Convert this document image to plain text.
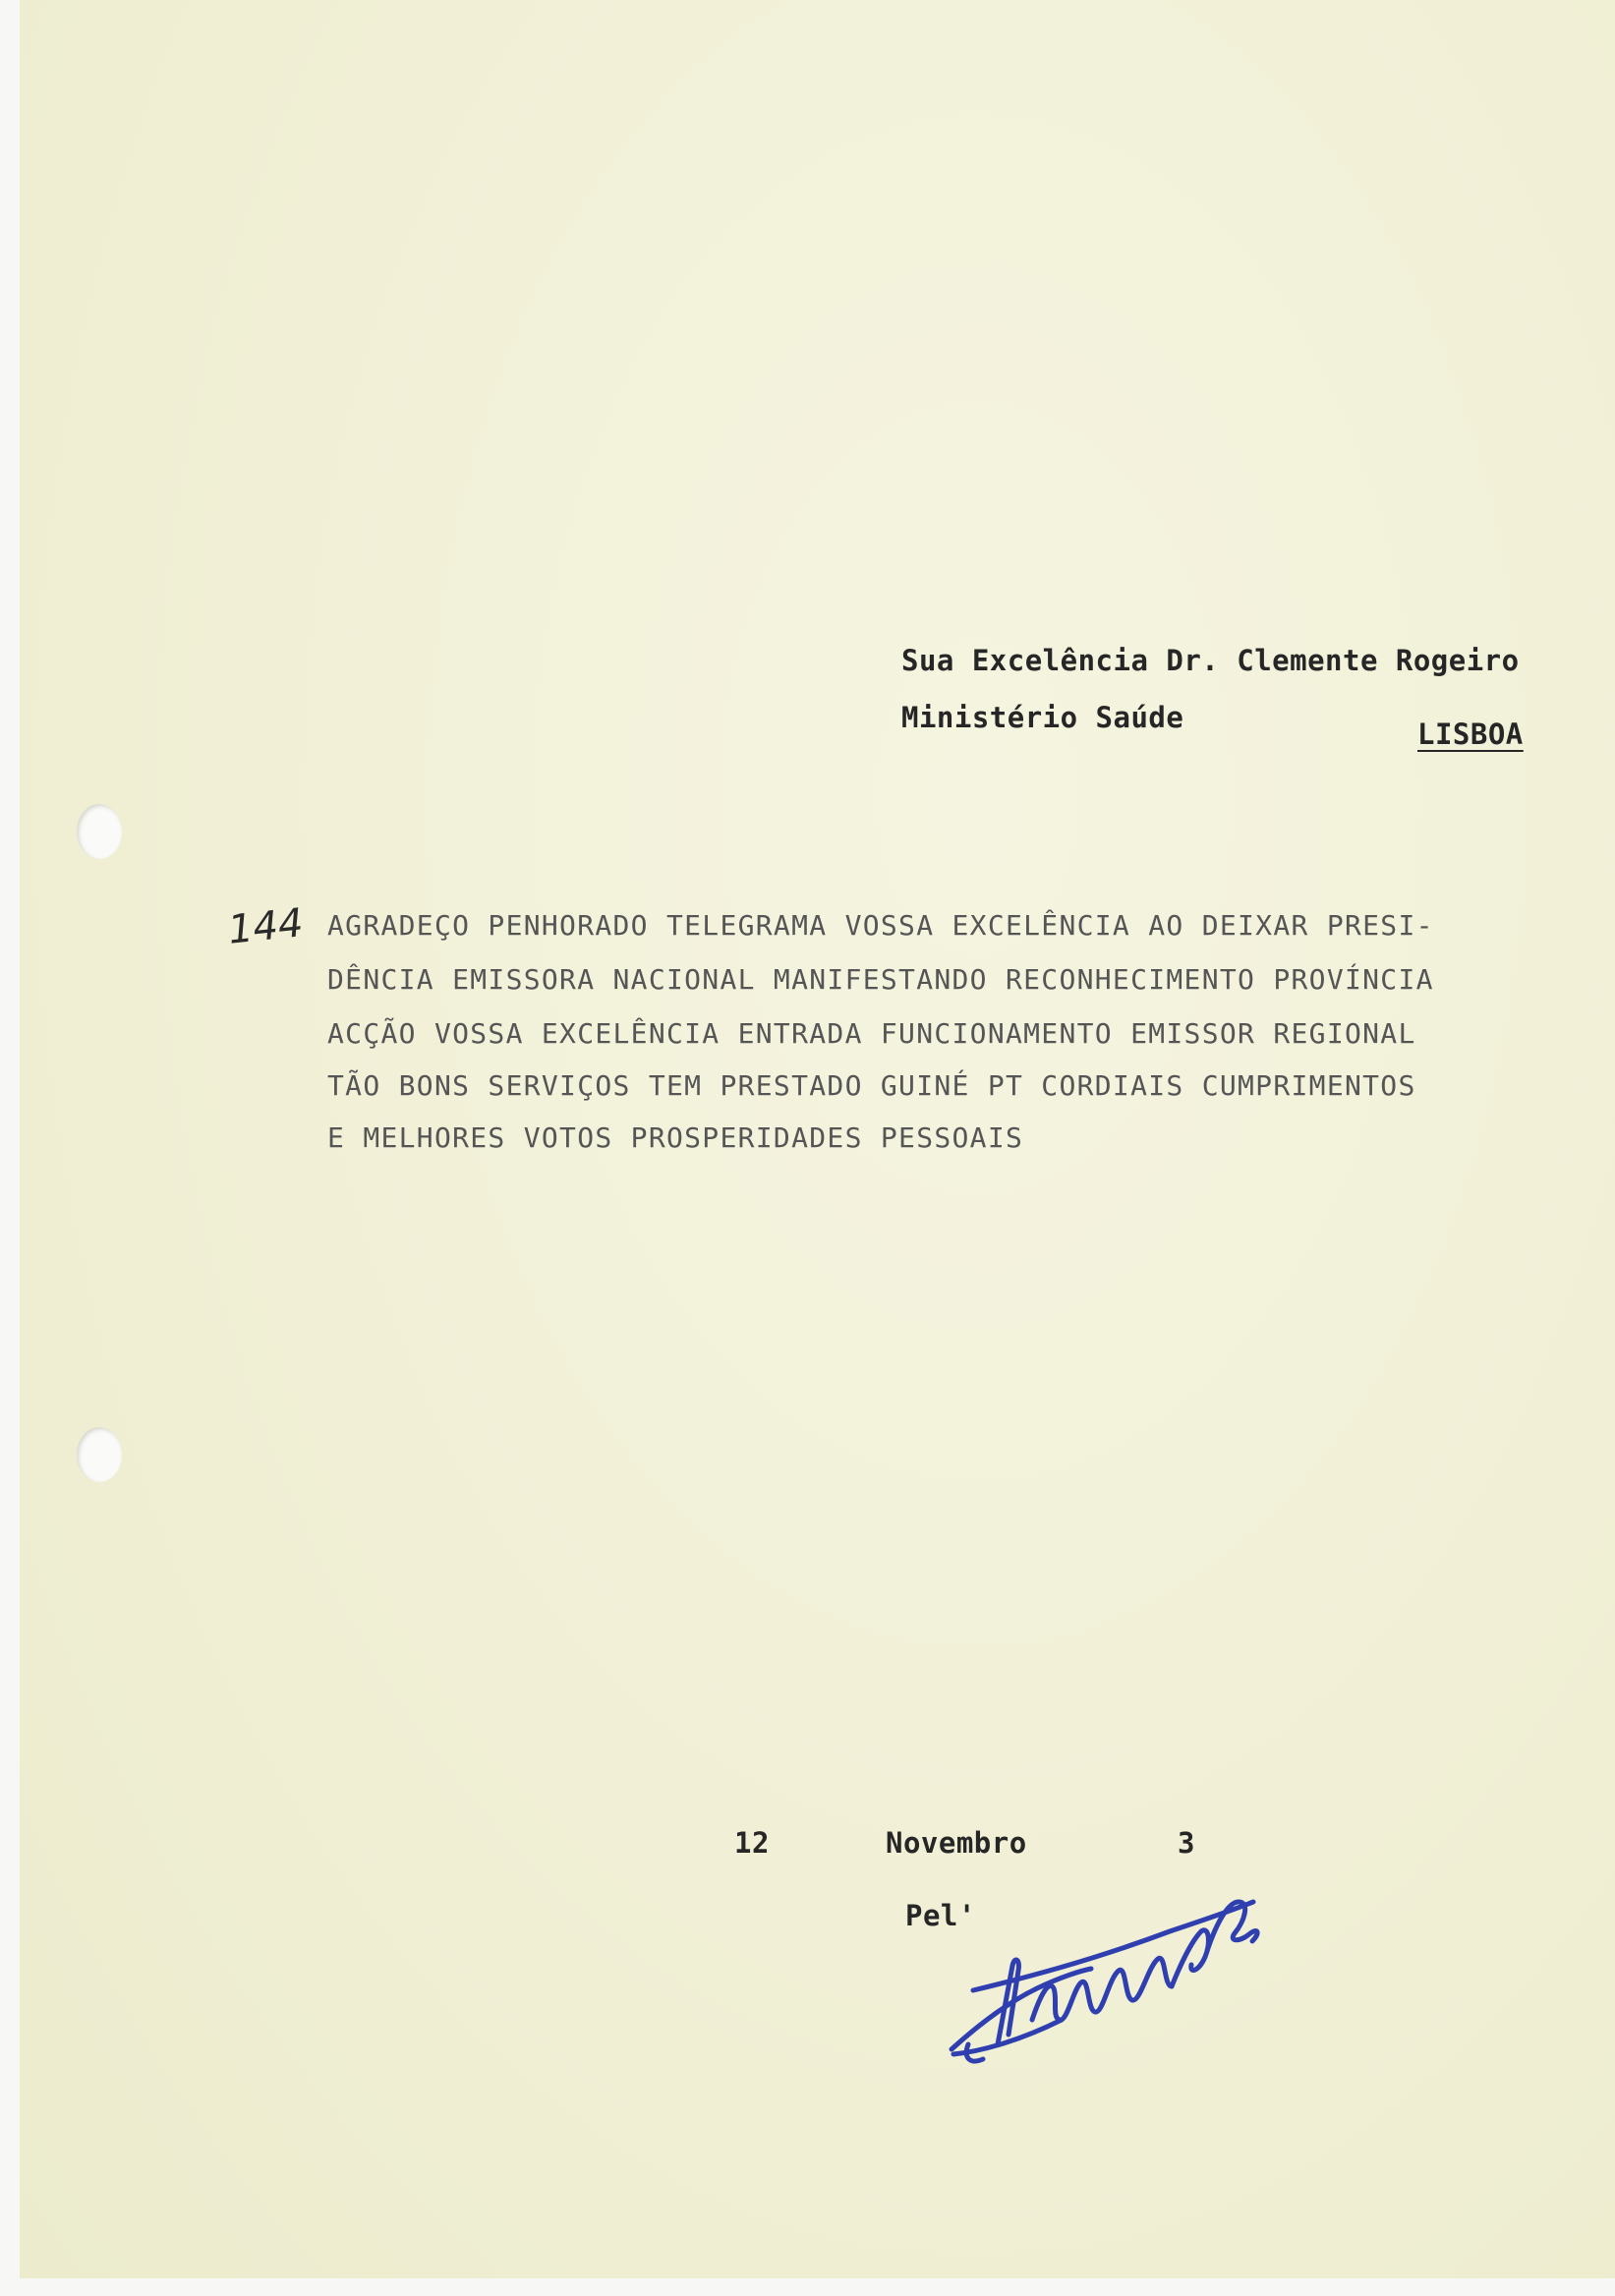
Sua Excelência Dr. Clemente Rogeiro
Ministério Saúde	LISBOA
144 AGRADEÇO PENHORADO TELEGRAMA VOSSA EXCELÊNCIA AO DEIXAR PRESI-
DÊNCIA EMISSORA NACIONAL MANIFESTANDO RECONHECIMENTO PROVÍNCIA
ACÇÃO VOSSA EXCELÊNCIA ENTRADA FUNCIONAMENTO EMISSOR REGIONAL
TÃO BONS SERVIÇOS TEM PRESTADO GUINÉ PT CORDIAIS CUMPRIMENTOS
E MELHORES VOTOS PROSPERIDADES PESSOAIS
12	Novembro	3
Pel'
